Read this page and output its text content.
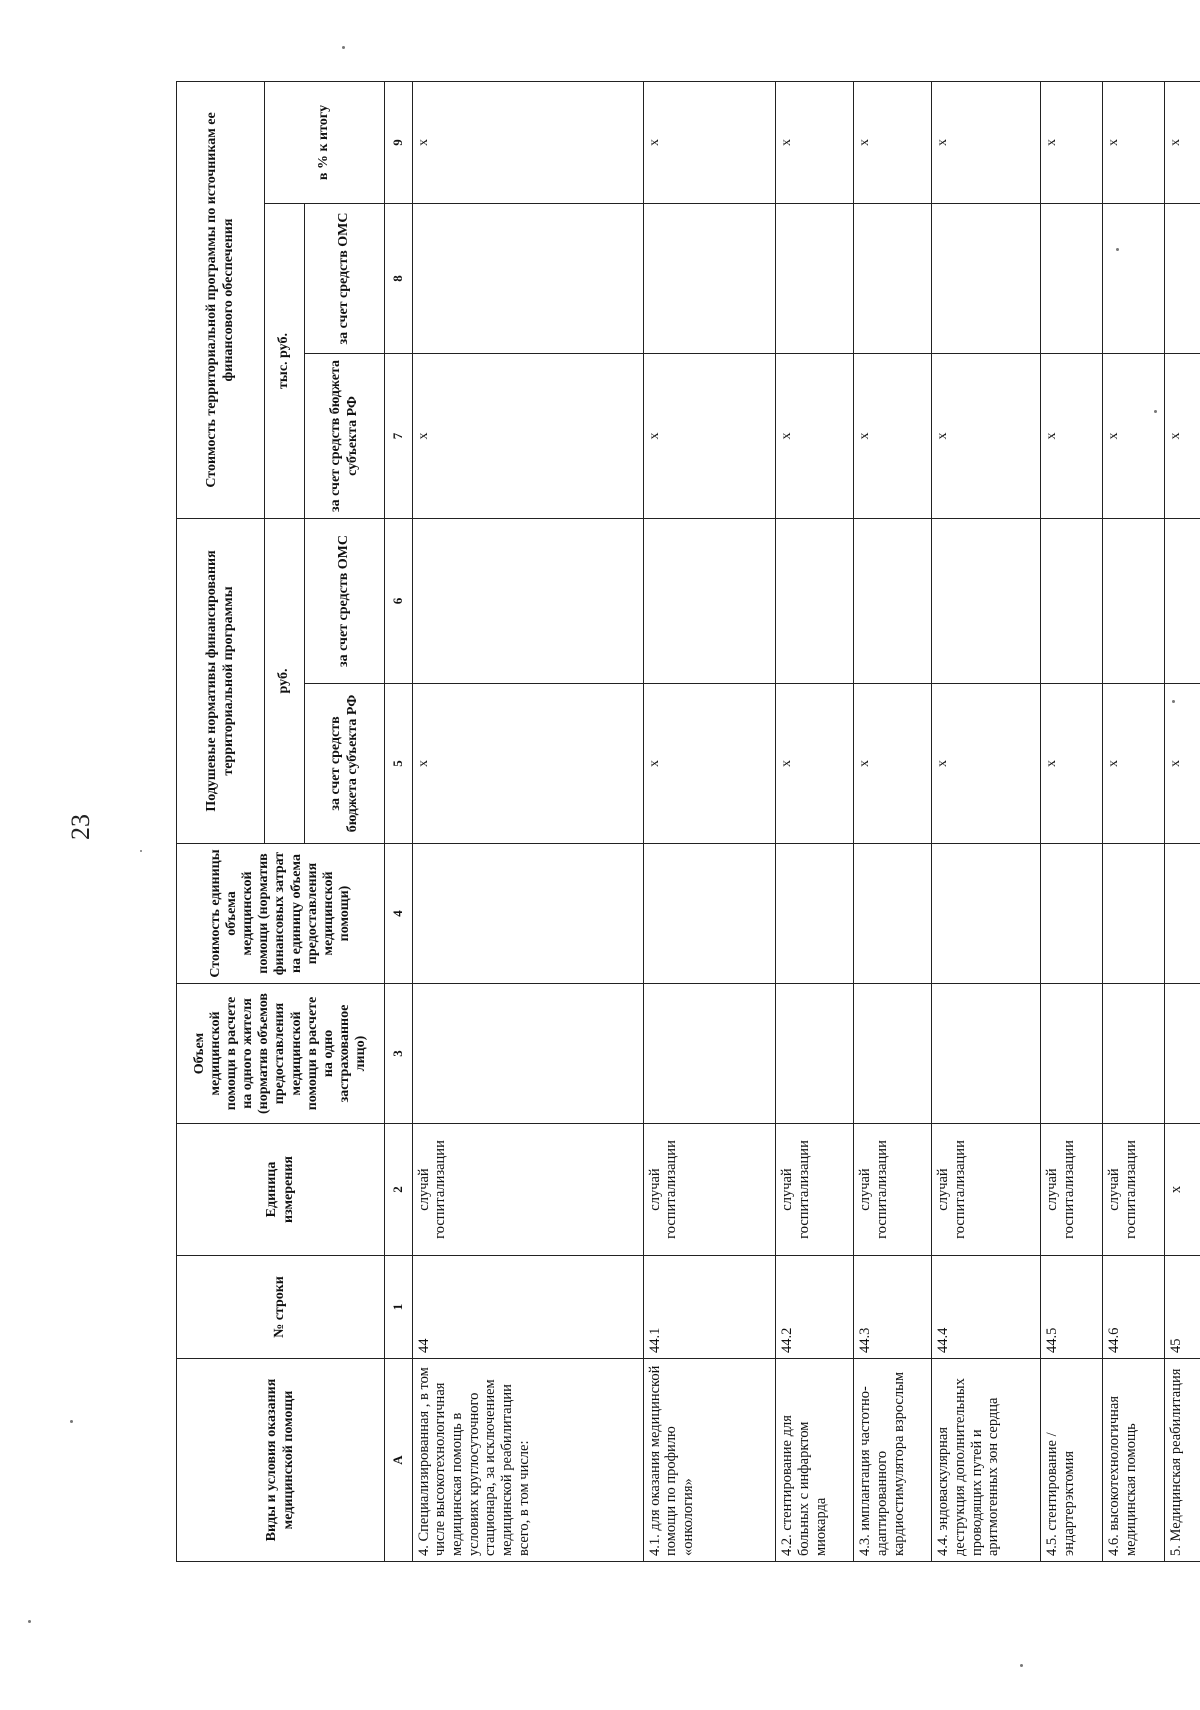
23
Виды и условия оказания медицинской помощи	№ строки	Единица измерения	Объем медицинской помощи в расчете на одного жителя (норматив объемов предоставления медицинской помощи в расчете на одно застрахованное лицо)	Стоимость единицы объема медицинской помощи (норматив финансовых затрат на единицу объема предоставления медицинской помощи)	Подушевые нормативы финансирования территориальной программы		Стоимость территориальной программы по источникам ее финансового обеспечения		
					руб.		тыс. руб.		в % к итогу
					за счет средств бюджета субъекта РФ	за счет средств ОМС	за счет средств бюджета субъекта РФ	за счет средств ОМС	
А	1	2	3	4	5	6	7	8	9
4. Специализированная , в том числе высокотехнологичная медицинская помощь в условиях круглосуточного стационара, за исключением медицинской реабилитации всего, в том числе:	44	случай госпитализации			х		х		х
4.1. для оказания медицинской помощи по профилю «онкология»	44.1	случай госпитализации			х		х		х
4.2. стентирование для больных с инфарктом миокарда	44.2	случай госпитализации			х		х		х
4.3. имплантация частотно-адаптированного кардиостимулятора взрослым	44.3	случай госпитализации			х		х		х
4.4. эндоваскулярная деструкция дополнительных проводящих путей и аритмогенных зон сердца	44.4	случай госпитализации			х		х		х
4.5. стентирование / эндартерэктомия	44.5	случай госпитализации			х		х		х
4.6. высокотехнологичная медицинская помощь	44.6	случай госпитализации			х		х		х
5. Медицинская реабилитация	45	х			х		х		х
